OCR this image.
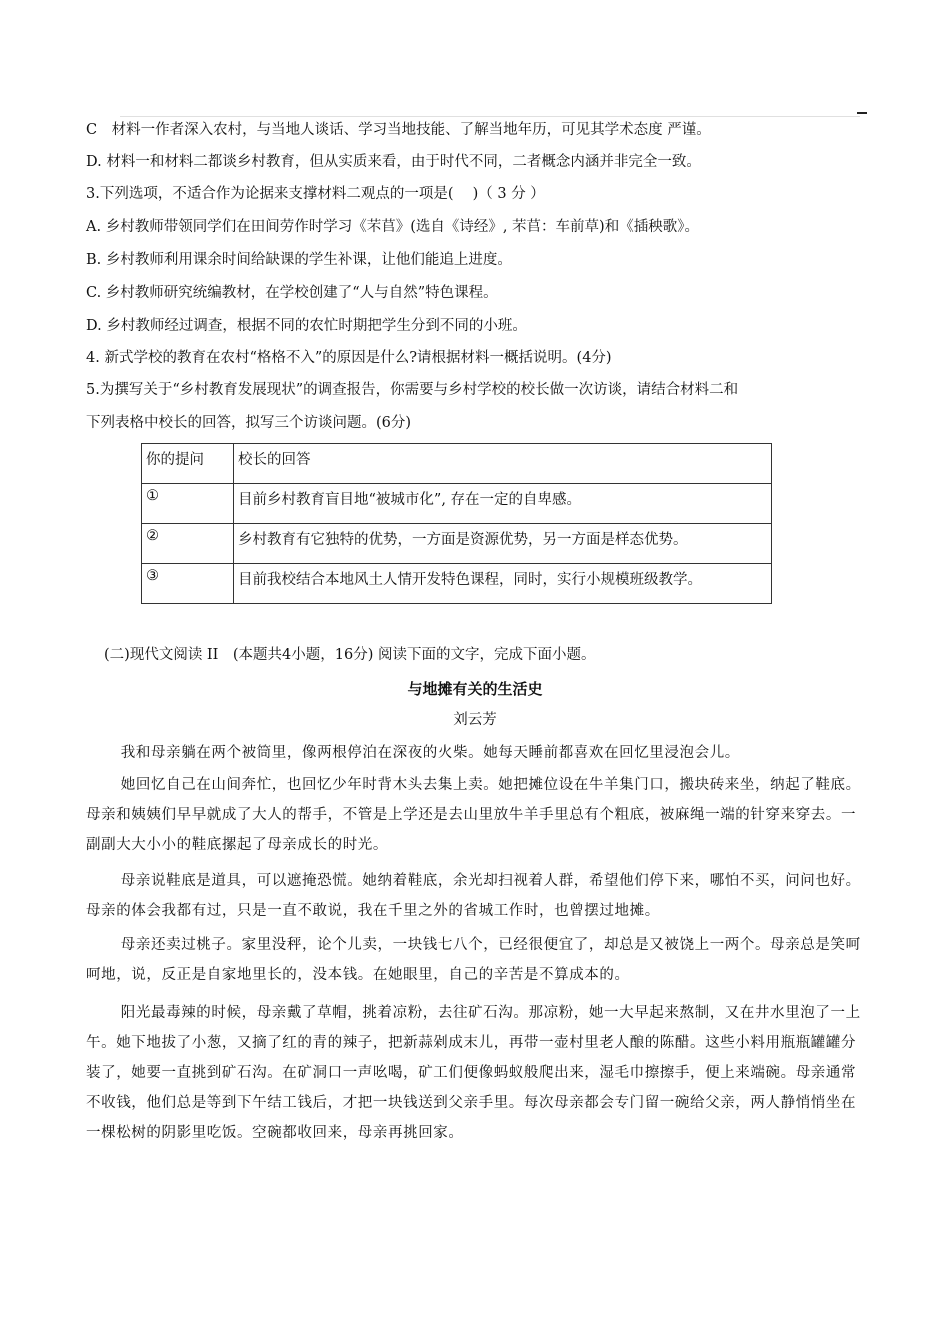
C　材料一作者深入农村，与当地人谈话、学习当地技能、了解当地年历，可见其学术态度 严谨。
D. 材料一和材料二都谈乡村教育，但从实质来看，由于时代不同，二者概念内涵并非完全一致。
3.下列选项，不适合作为论据来支撑材料二观点的一项是(　 )（ 3 分 ）
A. 乡村教师带领同学们在田间劳作时学习《芣苢》(选自《诗经》, 芣苢：车前草)和《插秧歌》。
B. 乡村教师利用课余时间给缺课的学生补课，让他们能追上进度。
C. 乡村教师研究统编教材，在学校创建了“人与自然”特色课程。
D. 乡村教师经过调查，根据不同的农忙时期把学生分到不同的小班。
4. 新式学校的教育在农村“格格不入”的原因是什么?请根据材料一概括说明。(4分)
5.为撰写关于“乡村教育发展现状”的调查报告，你需要与乡村学校的校长做一次访谈，请结合材料二和
下列表格中校长的回答，拟写三个访谈问题。(6分)
你的提问	校长的回答
①	目前乡村教育盲目地“被城市化”, 存在一定的自卑感。
②	乡村教育有它独特的优势，一方面是资源优势，另一方面是样态优势。
③	目前我校结合本地风土人情开发特色课程，同时，实行小规模班级教学。
(二)现代文阅读 II　(本题共4小题，16分) 阅读下面的文字，完成下面小题。
与地摊有关的生活史
刘云芳
我和母亲躺在两个被筒里，像两根停泊在深夜的火柴。她每天睡前都喜欢在回忆里浸泡会儿。
她回忆自己在山间奔忙，也回忆少年时背木头去集上卖。她把摊位设在牛羊集门口，搬块砖来坐，纳起了鞋底。母亲和姨姨们早早就成了大人的帮手，不管是上学还是去山里放牛羊手里总有个粗底，被麻绳一端的针穿来穿去。一副副大大小小的鞋底摞起了母亲成长的时光。
母亲说鞋底是道具，可以遮掩恐慌。她纳着鞋底，余光却扫视着人群，希望他们停下来，哪怕不买，问问也好。母亲的体会我都有过，只是一直不敢说，我在千里之外的省城工作时，也曾摆过地摊。
母亲还卖过桃子。家里没秤，论个儿卖，一块钱七八个，已经很便宜了，却总是又被饶上一两个。母亲总是笑呵呵地，说，反正是自家地里长的，没本钱。在她眼里，自己的辛苦是不算成本的。
阳光最毒辣的时候，母亲戴了草帽，挑着凉粉，去往矿石沟。那凉粉，她一大早起来熬制，又在井水里泡了一上午。她下地拔了小葱，又摘了红的青的辣子，把新蒜剁成末儿，再带一壶村里老人酿的陈醋。这些小料用瓶瓶罐罐分装了，她要一直挑到矿石沟。在矿洞口一声吆喝，矿工们便像蚂蚁般爬出来，湿毛巾擦擦手，便上来端碗。母亲通常不收钱，他们总是等到下午结工钱后，才把一块钱送到父亲手里。每次母亲都会专门留一碗给父亲，两人静悄悄坐在一棵松树的阴影里吃饭。空碗都收回来，母亲再挑回家。
